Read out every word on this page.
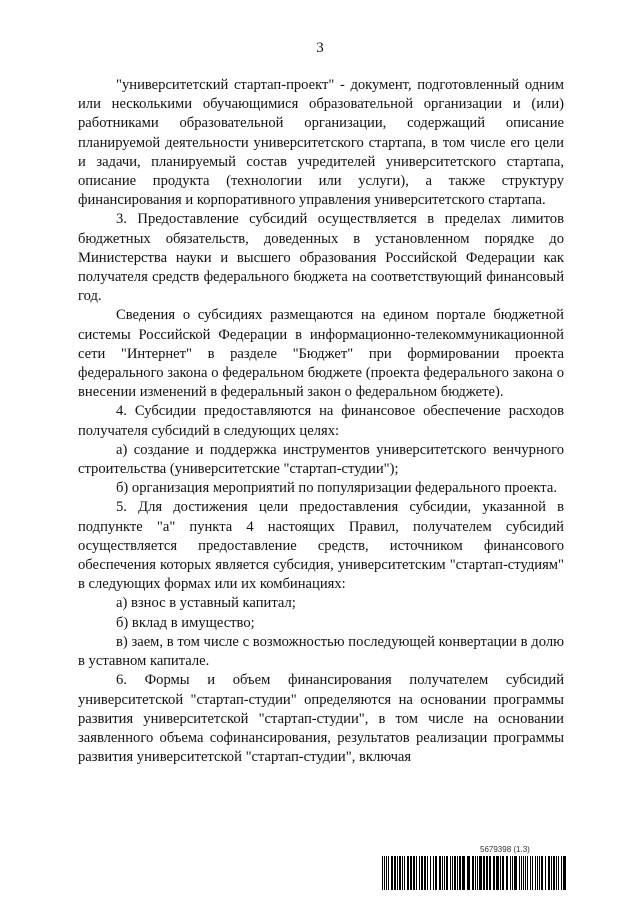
3

"университетский стартап-проект" - документ, подготовленный одним или несколькими обучающимися образовательной организации и (или) работниками образовательной организации, содержащий описание планируемой деятельности университетского стартапа, в том числе его цели и задачи, планируемый состав учредителей университетского стартапа, описание продукта (технологии или услуги), а также структуру финансирования и корпоративного управления университетского стартапа.

3. Предоставление субсидий осуществляется в пределах лимитов бюджетных обязательств, доведенных в установленном порядке до Министерства науки и высшего образования Российской Федерации как получателя средств федерального бюджета на соответствующий финансовый год.

Сведения о субсидиях размещаются на едином портале бюджетной системы Российской Федерации в информационно-телекоммуникационной сети "Интернет" в разделе "Бюджет" при формировании проекта федерального закона о федеральном бюджете (проекта федерального закона о внесении изменений в федеральный закон о федеральном бюджете).

4. Субсидии предоставляются на финансовое обеспечение расходов получателя субсидий в следующих целях:

а) создание и поддержка инструментов университетского венчурного строительства (университетские "стартап-студии");

б) организация мероприятий по популяризации федерального проекта.

5. Для достижения цели предоставления субсидии, указанной в подпункте "а" пункта 4 настоящих Правил, получателем субсидий осуществляется предоставление средств, источником финансового обеспечения которых является субсидия, университетским "стартап-студиям" в следующих формах или их комбинациях:

а) взнос в уставный капитал;

б) вклад в имущество;

в) заем, в том числе с возможностью последующей конвертации в долю в уставном капитале.

6. Формы и объем финансирования получателем субсидий университетской "стартап-студии" определяются на основании программы развития университетской "стартап-студии", в том числе на основании заявленного объема софинансирования, результатов реализации программы развития университетской "стартап-студии", включая

5679398 (1.3)
